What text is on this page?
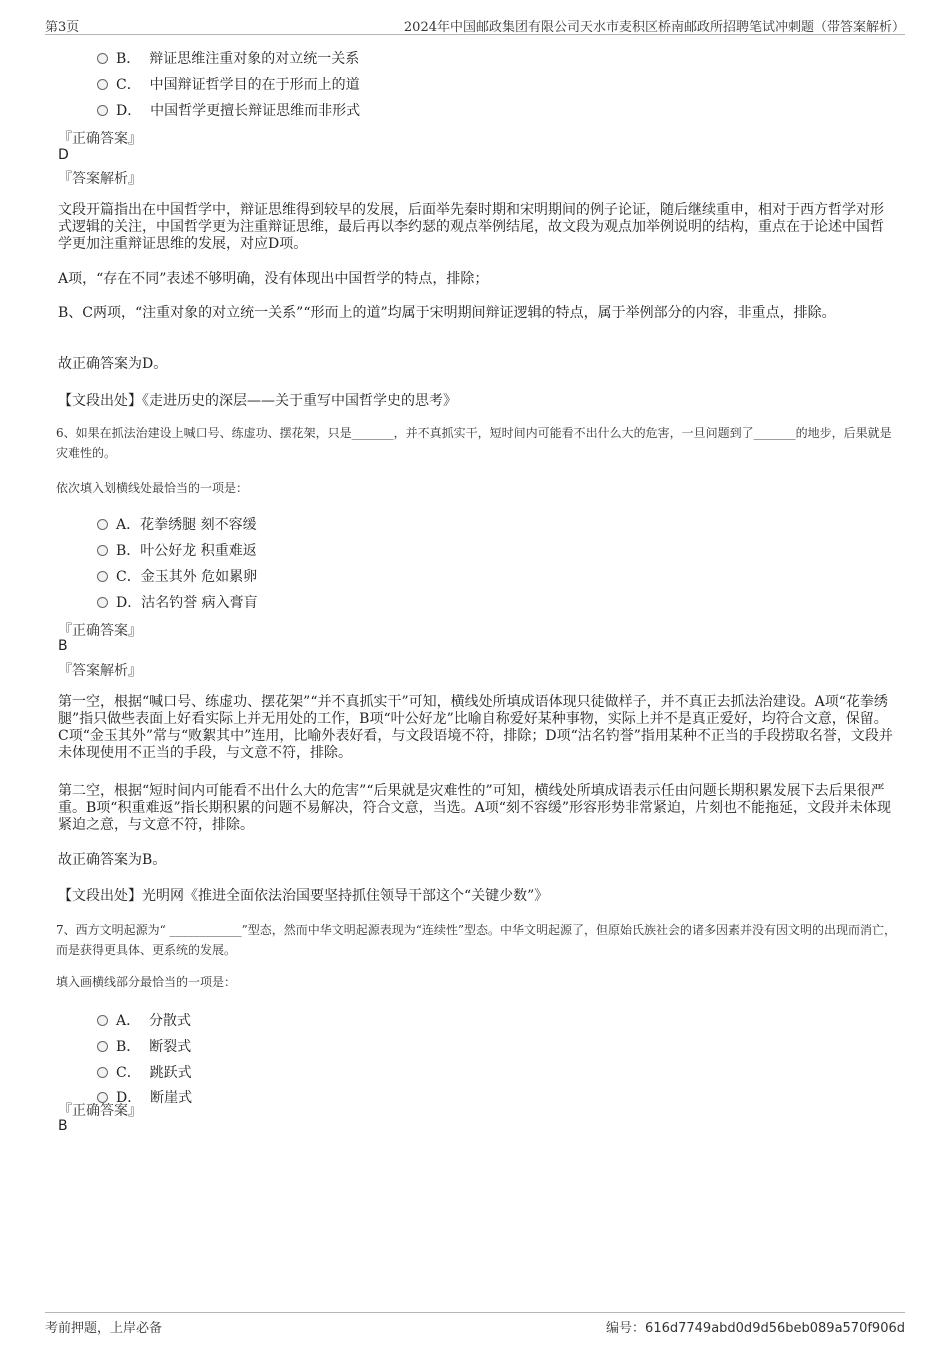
第3页	2024年中国邮政集团有限公司天水市麦积区桥南邮政所招聘笔试冲刺题（带答案解析）
B． 辩证思维注重对象的对立统一关系
C． 中国辩证哲学目的在于形而上的道
D． 中国哲学更擅长辩证思维而非形式
『正确答案』
D
『答案解析』
文段开篇指出在中国哲学中，辩证思维得到较早的发展，后面举先秦时期和宋明期间的例子论证，随后继续重申，相对于西方哲学对形式逻辑的关注，中国哲学更为注重辩证思维，最后再以李约瑟的观点举例结尾，故文段为观点加举例说明的结构，重点在于论述中国哲学更加注重辩证思维的发展，对应D项。
A项，“存在不同”表述不够明确，没有体现出中国哲学的特点，排除；
B、C两项，“注重对象的对立统一关系”“形而上的道”均属于宋明期间辩证逻辑的特点，属于举例部分的内容，非重点，排除。
故正确答案为D。
【文段出处】《走进历史的深层——关于重写中国哲学史的思考》
6、如果在抓法治建设上喊口号、练虚功、摆花架，只是_______，并不真抓实干，短时间内可能看不出什么大的危害，一旦问题到了_______的地步，后果就是灾难性的。
依次填入划横线处最恰当的一项是：
A．花拳绣腿 刻不容缓
B．叶公好龙 积重难返
C．金玉其外 危如累卵
D．沽名钓誉 病入膏肓
『正确答案』
B
『答案解析』
第一空，根据“喊口号、练虚功、摆花架”“并不真抓实干”可知，横线处所填成语体现只徒做样子，并不真正去抓法治建设。A项“花拳绣腿”指只做些表面上好看实际上并无用处的工作，B项“叶公好龙”比喻自称爱好某种事物，实际上并不是真正爱好，均符合文意，保留。C项“金玉其外”常与“败絮其中”连用，比喻外表好看，与文段语境不符，排除；D项“沽名钓誉”指用某种不正当的手段捞取名誉，文段并未体现使用不正当的手段，与文意不符，排除。
第二空，根据“短时间内可能看不出什么大的危害”“后果就是灾难性的”可知，横线处所填成语表示任由问题长期积累发展下去后果很严重。B项“积重难返”指长期积累的问题不易解决，符合文意，当选。A项“刻不容缓”形容形势非常紧迫，片刻也不能拖延，文段并未体现紧迫之意，与文意不符，排除。
故正确答案为B。
【文段出处】光明网《推进全面依法治国要坚持抓住领导干部这个“关键少数”》
7、西方文明起源为“ ____________”型态，然而中华文明起源表现为“连续性”型态。中华文明起源了，但原始氏族社会的诸多因素并没有因文明的出现而消亡，而是获得更具体、更系统的发展。
填入画横线部分最恰当的一项是：
A． 分散式
B． 断裂式
C． 跳跃式
D． 断崖式
『正确答案』
B
考前押题，上岸必备	编号：616d7749abd0d9d56beb089a570f906d
